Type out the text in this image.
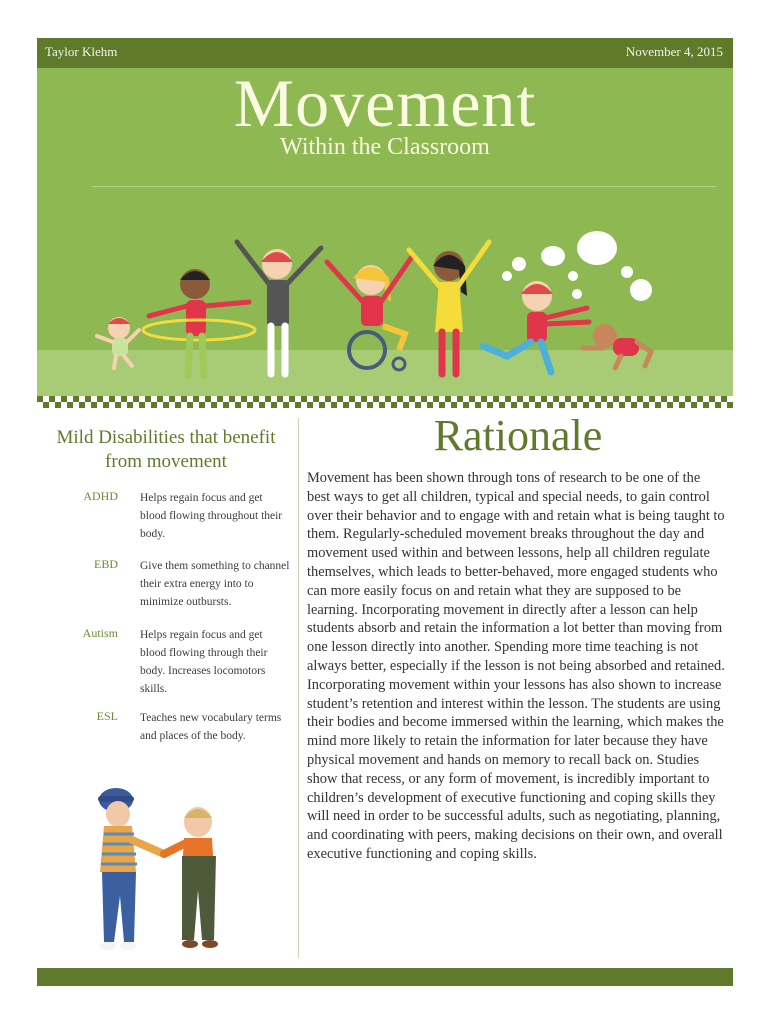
Taylor Klehm	November 4, 2015
Movement
Within the Classroom
Mild Disabilities that benefit from movement
ADHD Helps regain focus and get blood flowing throughout their body.
EBD Give them something to channel their extra energy into to minimize outbursts.
Autism Helps regain focus and get blood flowing through their body. Increases locomotors skills.
ESL Teaches new vocabulary terms and places of the body.
Rationale

Movement has been shown through tons of research to be one of the best ways to get all children, typical and special needs, to gain control over their behavior and to engage with and retain what is being taught to them. Regularly-scheduled movement breaks throughout the day and movement used within and between lessons, help all children regulate themselves, which leads to better-behaved, more engaged students who can more easily focus on and retain what they are supposed to be learning. Incorporating movement in directly after a lesson can help students absorb and retain the information a lot better than moving from one lesson directly into another. Spending more time teaching is not always better, especially if the lesson is not being absorbed and retained. Incorporating movement within your lessons has also shown to increase student’s retention and interest within the lesson. The students are using their bodies and become immersed within the learning, which makes the mind more likely to retain the information for later because they have physical movement and hands on memory to recall back on. Studies show that recess, or any form of movement, is incredibly important to children’s development of executive functioning and coping skills they will need in order to be successful adults, such as negotiating, planning, and coordinating with peers, making decisions on their own, and overall executive functioning and coping skills.
